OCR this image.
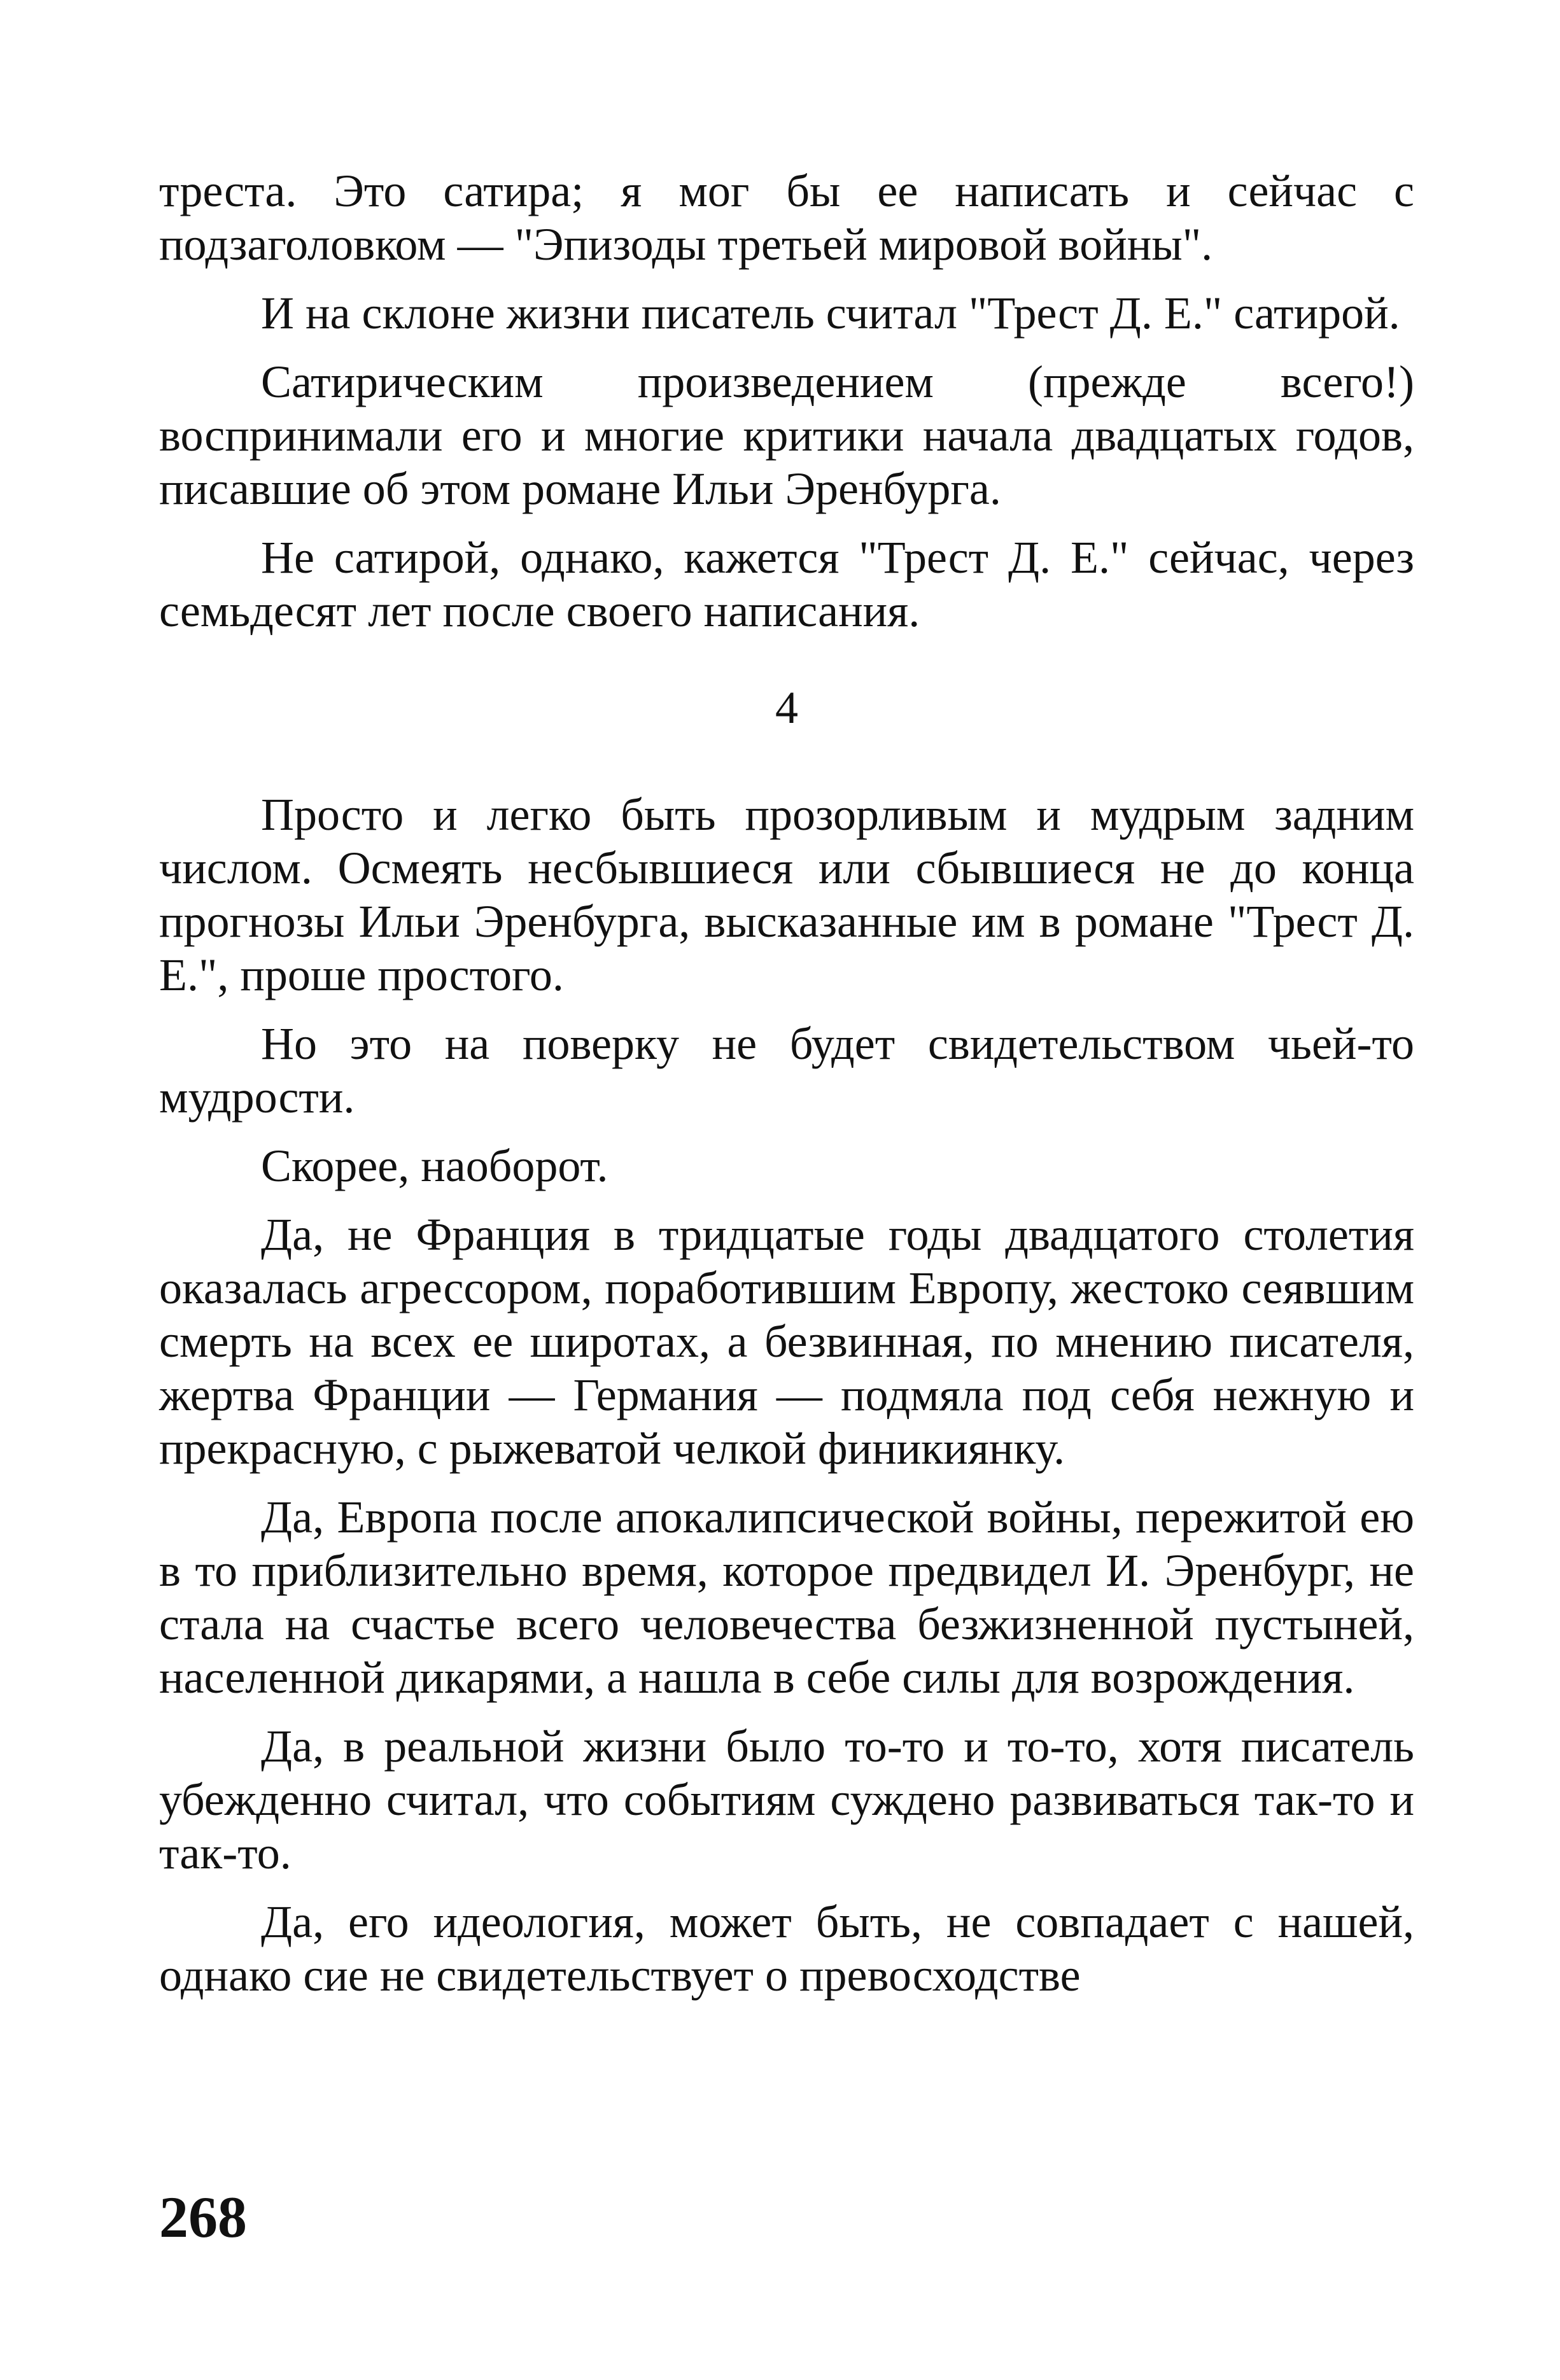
треста. Это сатира; я мог бы ее написать и сейчас с подзаголовком — "Эпизоды третьей мировой войны".

И на склоне жизни писатель считал "Трест Д. Е." сатирой.

Сатирическим произведением (прежде всего!) воспринимали его и многие критики начала двадцатых годов, писавшие об этом романе Ильи Эренбурга.

Не сатирой, однако, кажется "Трест Д. Е." сейчас, через семьдесят лет после своего написания.

4

Просто и легко быть прозорливым и мудрым задним числом. Осмеять несбывшиеся или сбывшиеся не до конца прогнозы Ильи Эренбурга, высказанные им в романе "Трест Д. Е.", проше простого.

Но это на поверку не будет свидетельством чьей-то мудрости.

Скорее, наоборот.

Да, не Франция в тридцатые годы двадцатого столетия оказалась агрессором, поработившим Европу, жестоко сеявшим смерть на всех ее широтах, а безвинная, по мнению писателя, жертва Франции — Германия — подмяла под себя нежную и прекрасную, с рыжеватой челкой финикиянку.

Да, Европа после апокалипсической войны, пережитой ею в то приблизительно время, которое предвидел И. Эренбург, не стала на счастье всего человечества безжизненной пустыней, населенной дикарями, а нашла в себе силы для возрождения.

Да, в реальной жизни было то-то и то-то, хотя писатель убежденно считал, что событиям суждено развиваться так-то и так-то.

Да, его идеология, может быть, не совпадает с нашей, однако сие не свидетельствует о превосходстве

268
